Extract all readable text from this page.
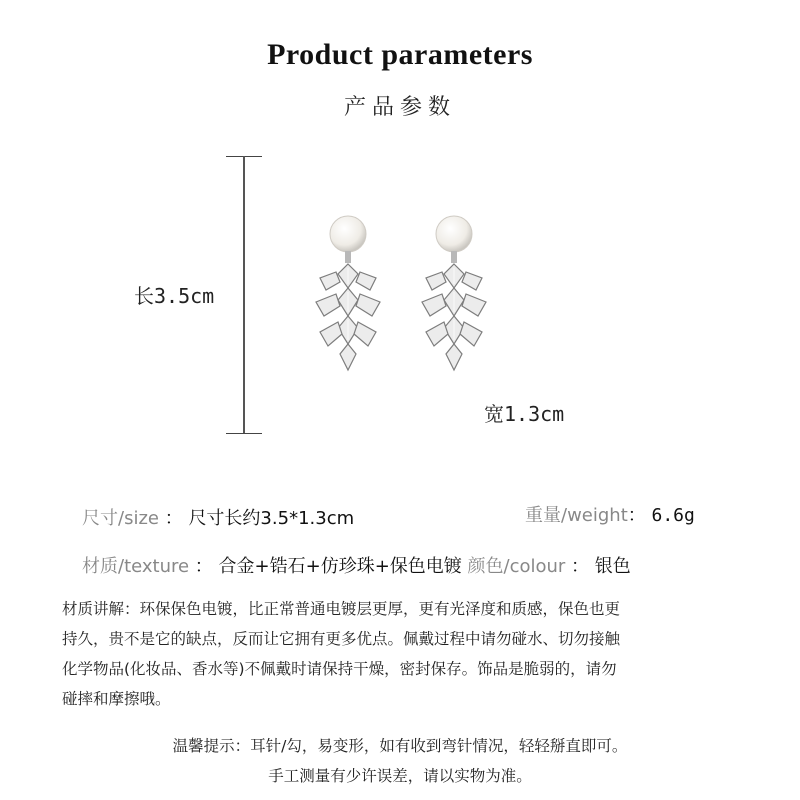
Product parameters
产品参数
长3.5cm
宽1.3cm
尺寸/size ： 尺寸长约3.5*1.3cm	重量/weight： 6.6g
材质/texture ： 合金+锆石+仿珍珠+保色电镀 颜色/colour ： 银色
材质讲解：环保保色电镀，比正常普通电镀层更厚，更有光泽度和质感，保色也更
持久，贵不是它的缺点，反而让它拥有更多优点。佩戴过程中请勿碰水、切勿接触
化学物品(化妆品、香水等)不佩戴时请保持干燥，密封保存。饰品是脆弱的，请勿
碰摔和摩擦哦。
温馨提示：耳针/勾，易变形，如有收到弯针情况，轻轻掰直即可。
手工测量有少许误差，请以实物为准。
